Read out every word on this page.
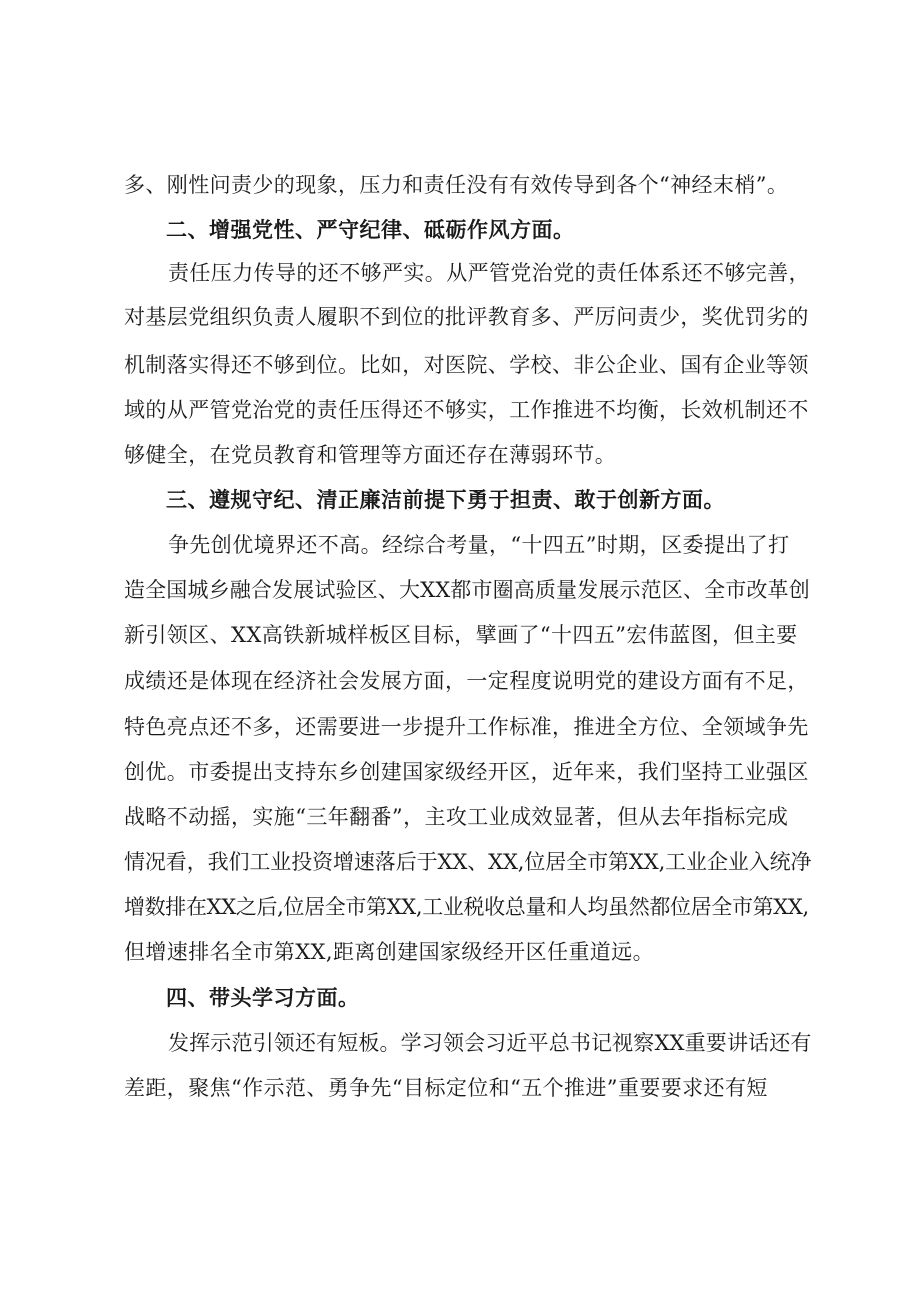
多、刚性问责少的现象，压力和责任没有有效传导到各个“神经末梢”。
二、增强党性、严守纪律、砥砺作风方面。
责任压力传导的还不够严实。从严管党治党的责任体系还不够完善，
对基层党组织负责人履职不到位的批评教育多、严厉问责少，奖优罚劣的
机制落实得还不够到位。比如，对医院、学校、非公企业、国有企业等领
域的从严管党治党的责任压得还不够实，工作推进不均衡，长效机制还不
够健全，在党员教育和管理等方面还存在薄弱环节。
三、遵规守纪、清正廉洁前提下勇于担责、敢于创新方面。
争先创优境界还不高。经综合考量，“十四五”时期，区委提出了打
造全国城乡融合发展试验区、大XX都市圈高质量发展示范区、全市改革创
新引领区、XX高铁新城样板区目标，擘画了“十四五”宏伟蓝图，但主要
成绩还是体现在经济社会发展方面，一定程度说明党的建设方面有不足，
特色亮点还不多，还需要进一步提升工作标准，推进全方位、全领域争先
创优。市委提出支持东乡创建国家级经开区，近年来，我们坚持工业强区
战略不动摇，实施“三年翻番”，主攻工业成效显著，但从去年指标完成
情况看，我们工业投资增速落后于XX、XX,位居全市第XX,工业企业入统净
增数排在XX之后,位居全市第XX,工业税收总量和人均虽然都位居全市第XX,
但增速排名全市第XX,距离创建国家级经开区任重道远。
四、带头学习方面。
发挥示范引领还有短板。学习领会习近平总书记视察XX重要讲话还有
差距，聚焦“作示范、勇争先“目标定位和“五个推进”重要要求还有短
